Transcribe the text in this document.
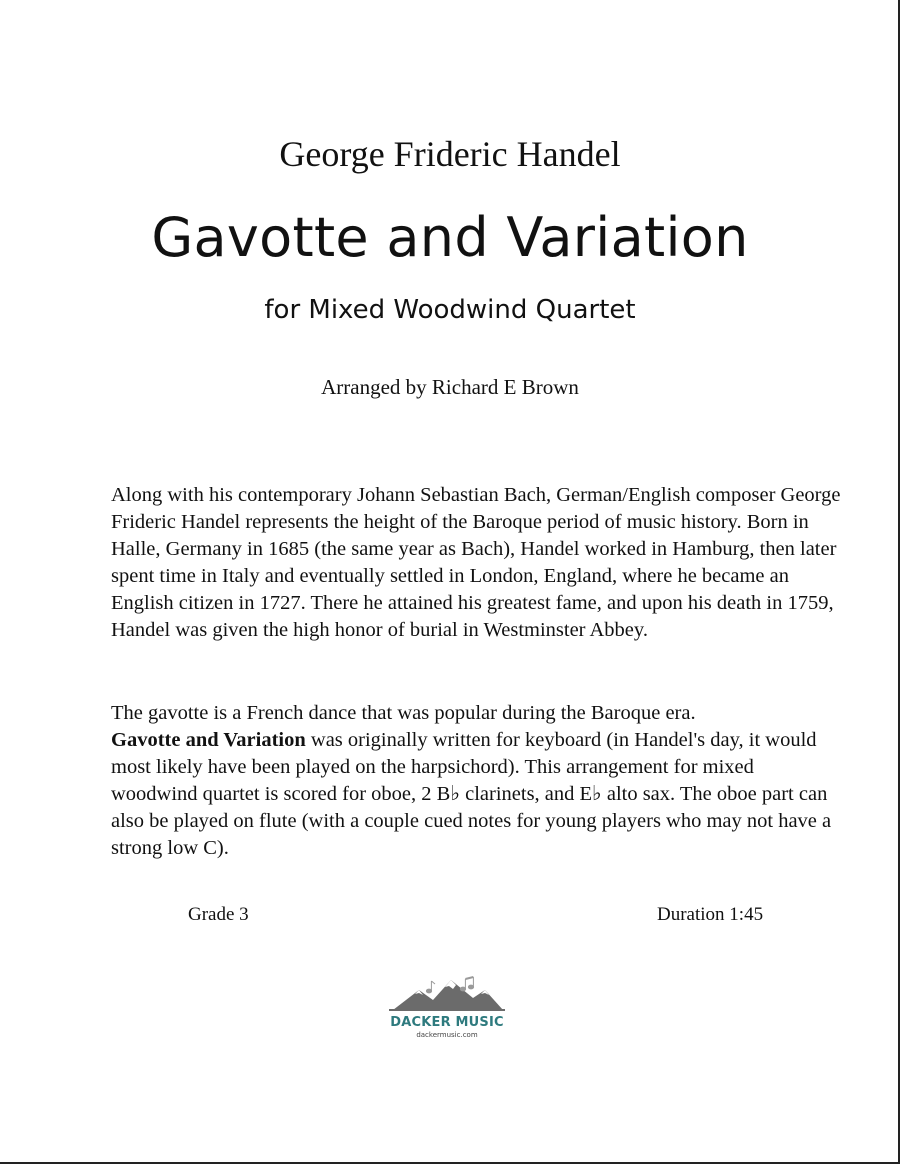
George Frideric Handel
Gavotte and Variation
for Mixed Woodwind Quartet
Arranged by Richard E Brown

Along with his contemporary Johann Sebastian Bach, German/English composer George Frideric Handel represents the height of the Baroque period of music history. Born in Halle, Germany in 1685 (the same year as Bach), Handel worked in Hamburg, then later spent time in Italy and eventually settled in London, England, where he became an English citizen in 1727. There he attained his greatest fame, and upon his death in 1759, Handel was given the high honor of burial in Westminster Abbey.

The gavotte is a French dance that was popular during the Baroque era.
Gavotte and Variation was originally written for keyboard (in Handel's day, it would most likely have been played on the harpsichord). This arrangement for mixed woodwind quartet is scored for oboe, 2 B♭ clarinets, and E♭ alto sax. The oboe part can also be played on flute (with a couple cued notes for young players who may not have a strong low C).

Grade 3	Duration 1:45
DACKER MUSIC
dackermusic.com
